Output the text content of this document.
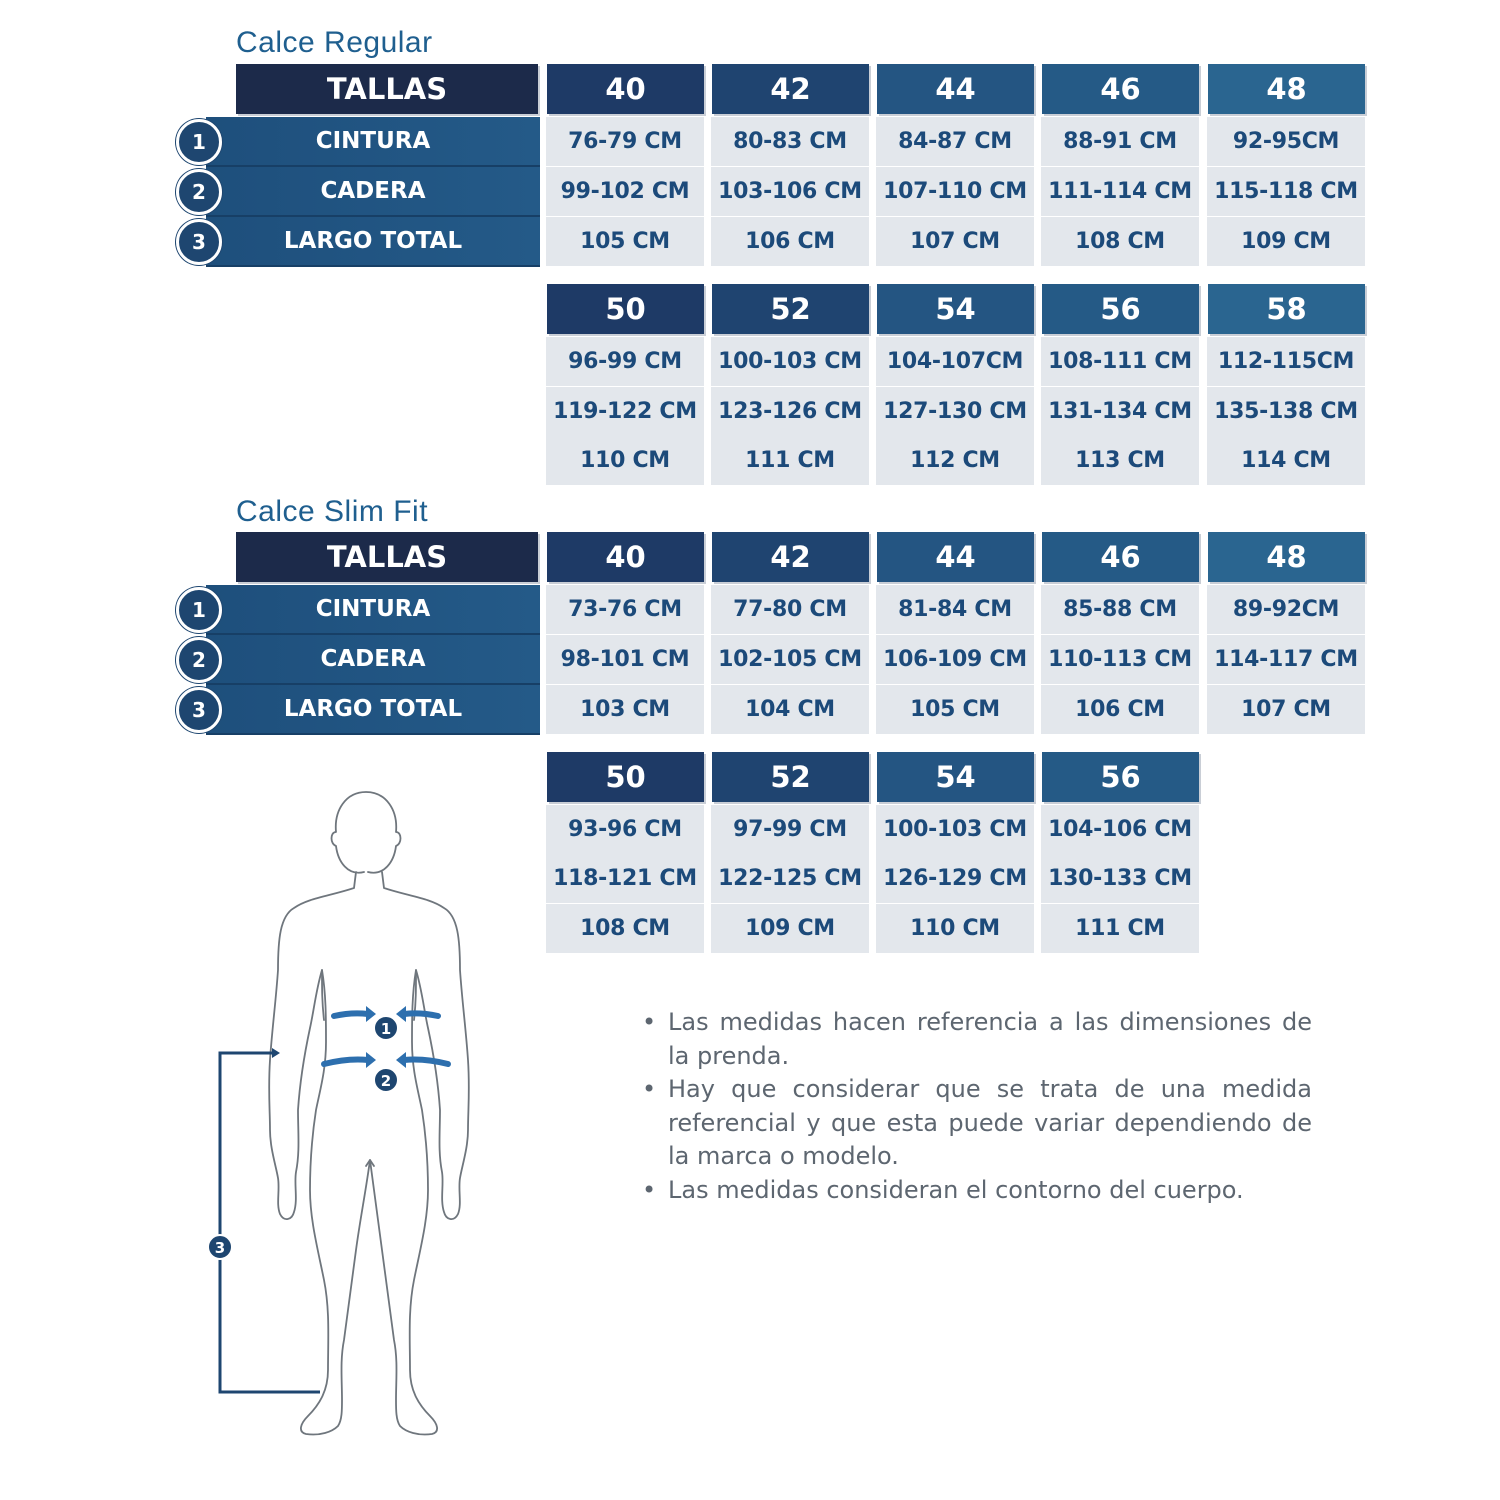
Calce Regular
TALLAS
CINTURA
CADERA
LARGO TOTAL
1
2
3
40
76-79 CM
99-102 CM
105 CM
42
80-83 CM
103-106 CM
106 CM
44
84-87 CM
107-110 CM
107 CM
46
88-91 CM
111-114 CM
108 CM
48
92-95CM
115-118 CM
109 CM
50
96-99 CM
119-122 CM
110 CM
52
100-103 CM
123-126 CM
111 CM
54
104-107CM
127-130 CM
112 CM
56
108-111 CM
131-134 CM
113 CM
58
112-115CM
135-138 CM
114 CM
Calce Slim Fit
TALLAS
CINTURA
CADERA
LARGO TOTAL
1
2
3
40
73-76 CM
98-101 CM
103 CM
42
77-80 CM
102-105 CM
104 CM
44
81-84 CM
106-109 CM
105 CM
46
85-88 CM
110-113 CM
106 CM
48
89-92CM
114-117 CM
107 CM
50
93-96 CM
118-121 CM
108 CM
52
97-99 CM
122-125 CM
109 CM
54
100-103 CM
126-129 CM
110 CM
56
104-106 CM
130-133 CM
111 CM
1
2
3
• Las medidas hacen referencia a las dimensiones de la prenda.
• Hay que considerar que se trata de una medida referencial y que esta puede variar dependiendo de la marca o modelo.
• Las medidas consideran el contorno del cuerpo.
